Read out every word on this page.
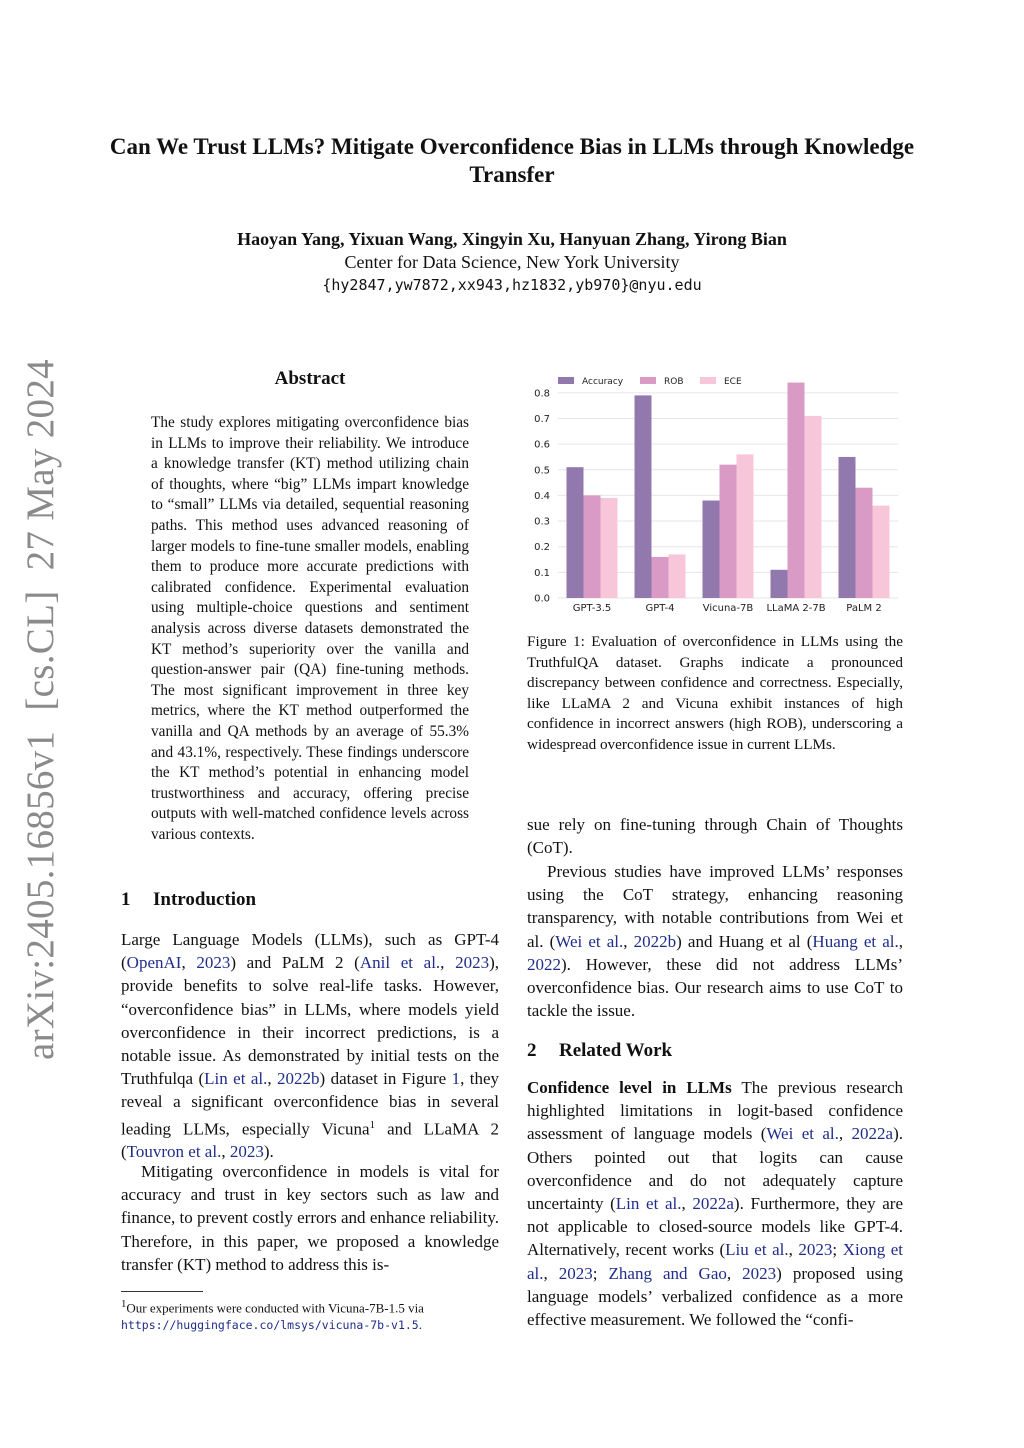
Can We Trust LLMs? Mitigate Overconfidence Bias in LLMs through Knowledge Transfer
Haoyan Yang, Yixuan Wang, Xingyin Xu, Hanyuan Zhang, Yirong Bian
Center for Data Science, New York University
{hy2847,yw7872,xx943,hz1832,yb970}@nyu.edu
arXiv:2405.16856v1  [cs.CL]  27 May 2024	Abstract
The study explores mitigating overconfidence bias in LLMs to improve their reliability. We introduce a knowledge transfer (KT) method utilizing chain of thoughts, where “big” LLMs impart knowledge to “small” LLMs via detailed, sequential reasoning paths. This method uses advanced reasoning of larger models to fine-tune smaller models, enabling them to produce more accurate predictions with calibrated confidence. Experimental evaluation using multiple-choice questions and sentiment analysis across diverse datasets demonstrated the KT method’s superiority over the vanilla and question-answer pair (QA) fine-tuning methods. The most significant improvement in three key metrics, where the KT method outperformed the vanilla and QA methods by an average of 55.3% and 43.1%, respectively. These findings underscore the KT method’s potential in enhancing model trustworthiness and accuracy, offering precise outputs with well-matched confidence levels across various contexts.
1 Introduction
Large Language Models (LLMs), such as GPT-4 (OpenAI, 2023) and PaLM 2 (Anil et al., 2023), provide benefits to solve real-life tasks. However, “overconfidence bias” in LLMs, where models yield overconfidence in their incorrect predictions, is a notable issue. As demonstrated by initial tests on the Truthfulqa (Lin et al., 2022b) dataset in Figure 1, they reveal a significant overconfidence bias in several leading LLMs, especially Vicuna$^1$ and LLaMA 2 (Touvron et al., 2023).
Mitigating overconfidence in models is vital for accuracy and trust in key sectors such as law and finance, to prevent costly errors and enhance reliability. Therefore, in this paper, we proposed a knowledge transfer (KT) method to address this is-
$^1$Our experiments were conducted with Vicuna-7B-1.5 via
https://huggingface.co/lmsys/vicuna-7b-v1.5.
0.0
0.1
0.2
0.3
0.4
0.5
0.6
0.7
0.8
GPT-3.5	GPT-4	Vicuna-7B LLaMA 2-7B PaLM 2
Accuracy	ROB	ECE
Figure 1: Evaluation of overconfidence in LLMs using the TruthfulQA dataset. Graphs indicate a pronounced discrepancy between confidence and correctness. Especially, like LLaMA 2 and Vicuna exhibit instances of high confidence in incorrect answers (high ROB), underscoring a widespread overconfidence issue in current LLMs.
sue rely on fine-tuning through Chain of Thoughts (CoT).
Previous studies have improved LLMs’ responses using the CoT strategy, enhancing reasoning transparency, with notable contributions from Wei et al. (Wei et al., 2022b) and Huang et al (Huang et al., 2022). However, these did not address LLMs’ overconfidence bias. Our research aims to use CoT to tackle the issue.
2 Related Work
Confidence level in LLMs The previous research highlighted limitations in logit-based confidence assessment of language models (Wei et al., 2022a). Others pointed out that logits can cause overconfidence and do not adequately capture uncertainty (Lin et al., 2022a). Furthermore, they are not applicable to closed-source models like GPT-4. Alternatively, recent works (Liu et al., 2023; Xiong et al., 2023; Zhang and Gao, 2023) proposed using language models’ verbalized confidence as a more effective measurement. We followed the “confi-
